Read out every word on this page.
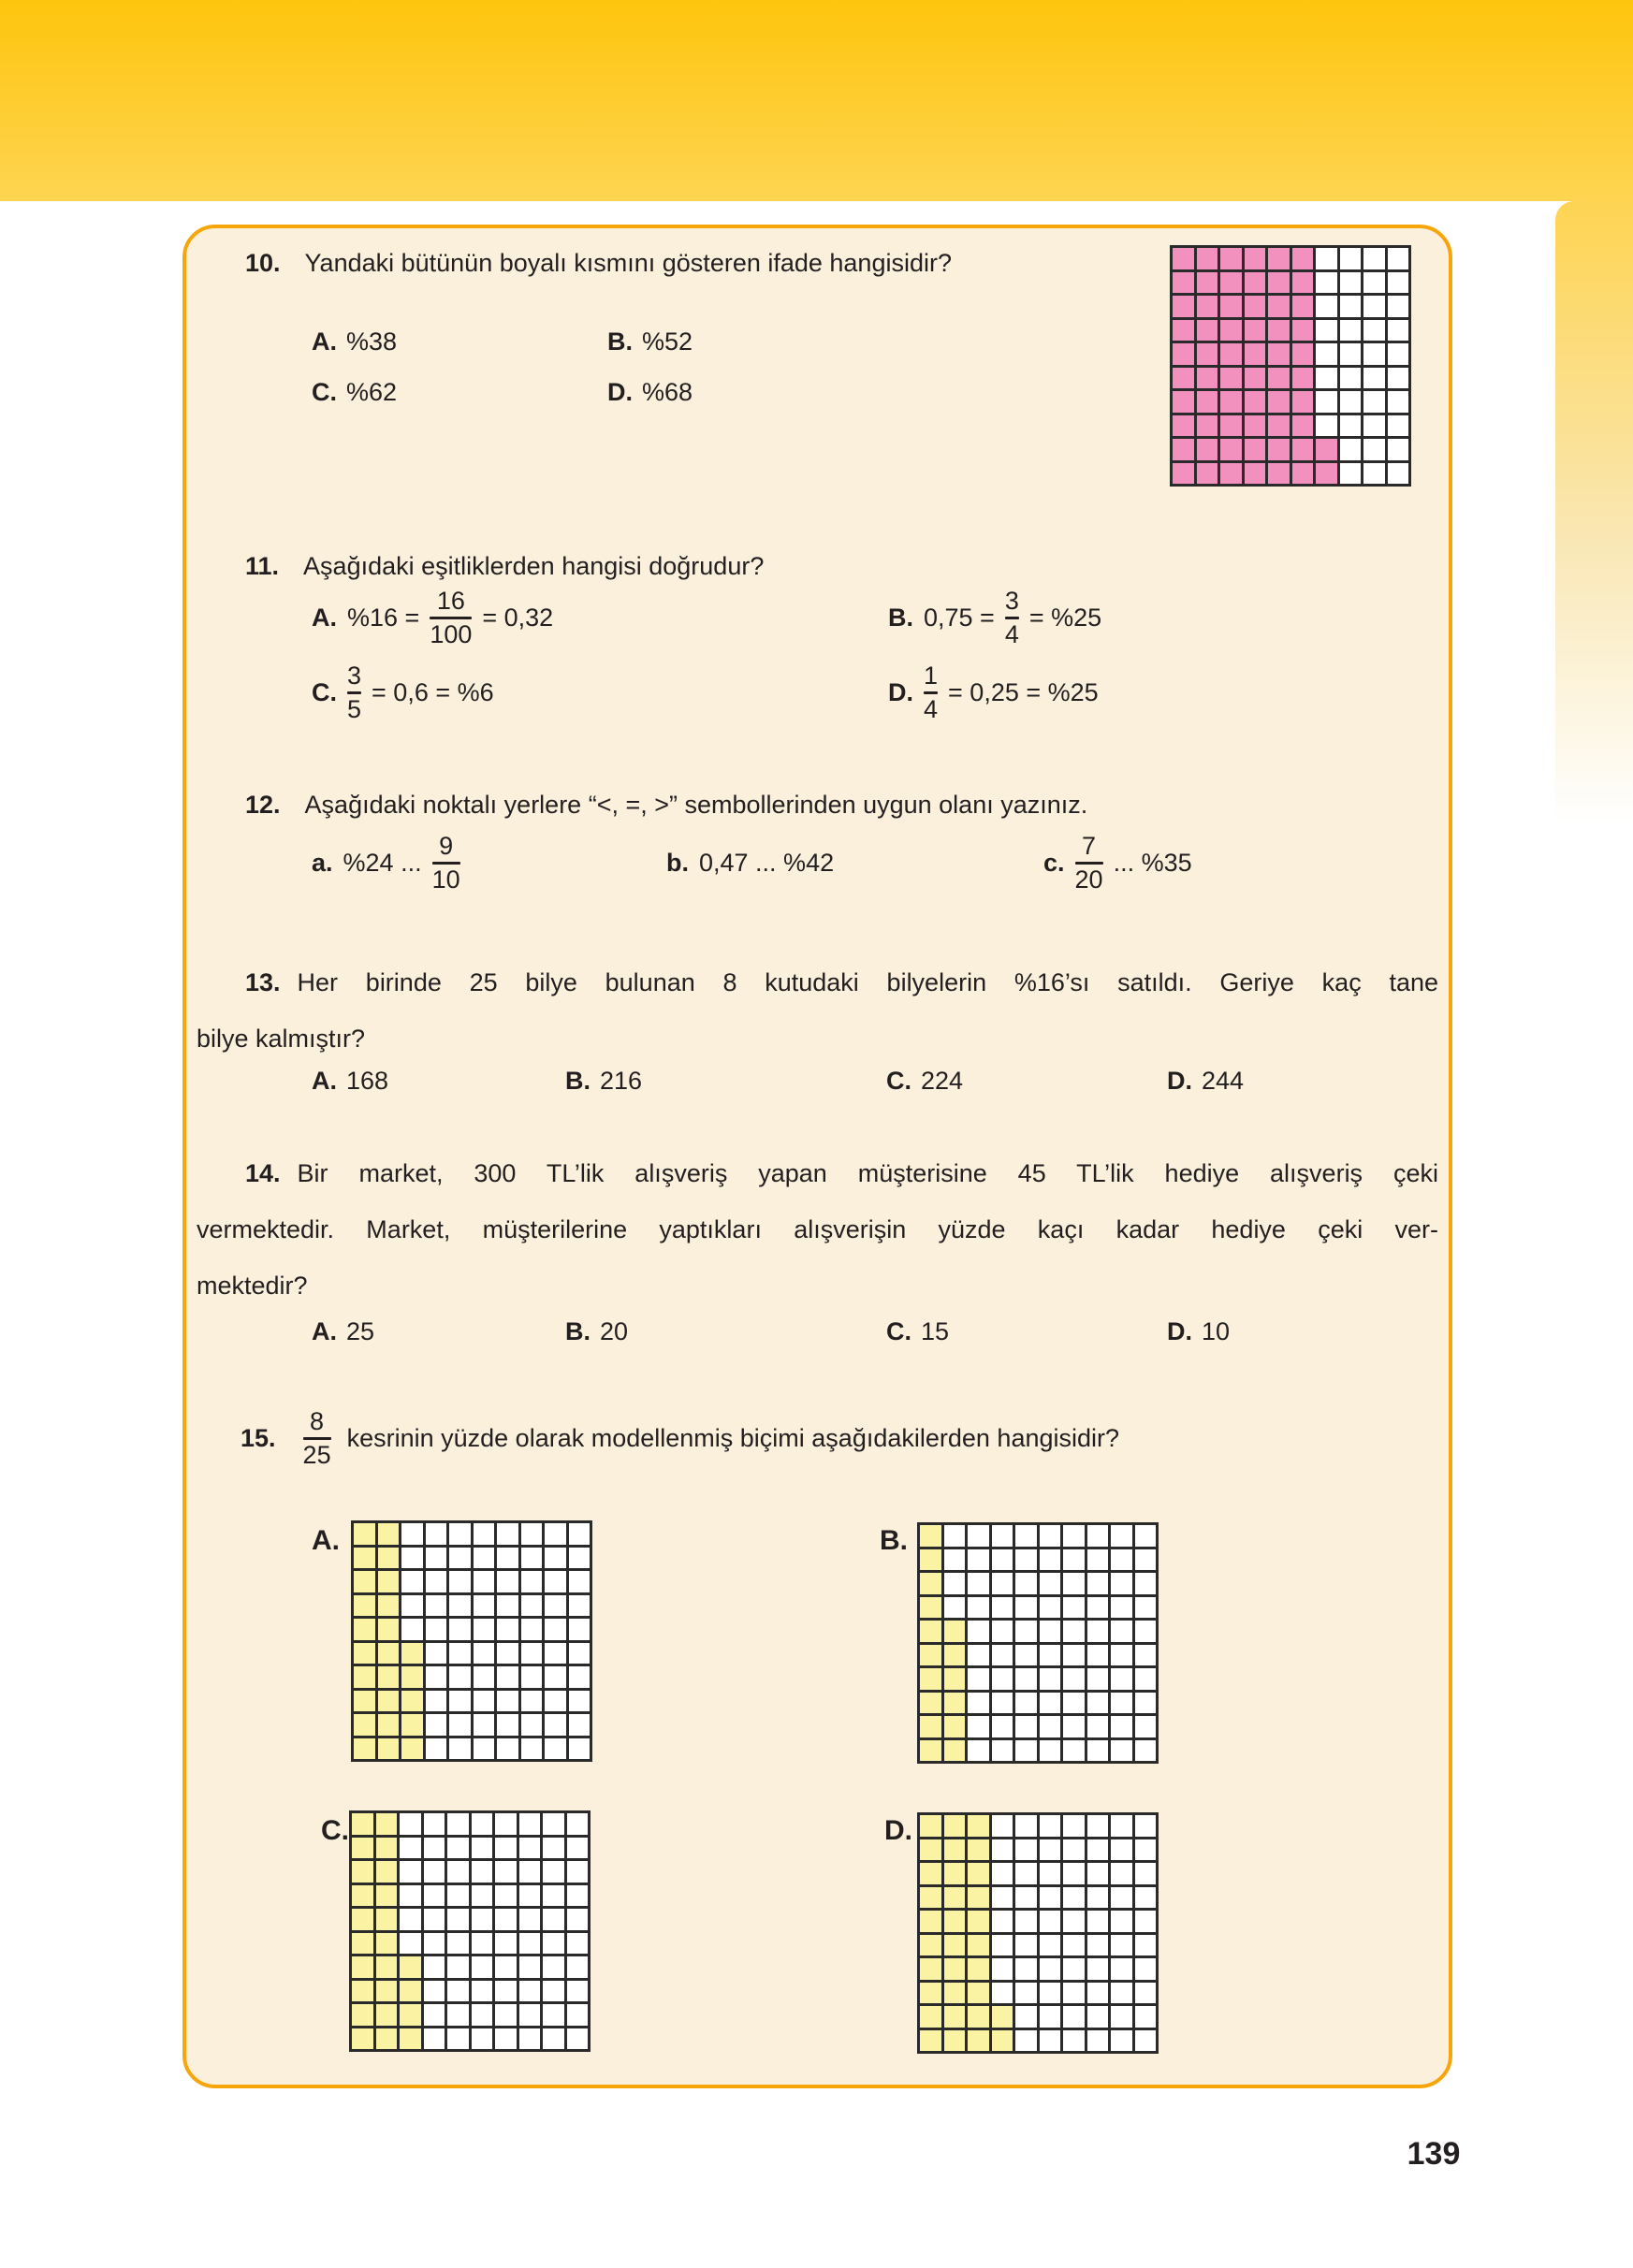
10. Yandaki bütünün boyalı kısmını gösteren ifade hangisidir?
A. %38	B. %52
C. %62	D. %68
11. Aşağıdaki eşitliklerden hangisi doğrudur?
A. $\%16 = \frac{16}{100} = 0,32$	B. $0,75 = \frac{3}{4} = \%25$
C. $\frac{3}{5} = 0,6 = \%6$	D. $\frac{1}{4} = 0,25 = \%25$
12. Aşağıdaki noktalı yerlere “<, =, >” sembollerinden uygun olanı yazınız.
a. %24 ... $\frac{9}{10}$	b. 0,47 ... %42	c. $\frac{7}{20}$ ... %35
13. Her birinde 25 bilye bulunan 8 kutudaki bilyelerin %16’sı satıldı. Geriye kaç tane
bilye kalmıştır?
A. 168	B. 216	C. 224	D. 244
14. Bir market, 300 TL’lik alışveriş yapan müşterisine 45 TL’lik hediye alışveriş çeki
vermektedir. Market, müşterilerine yaptıkları alışverişin yüzde kaçı kadar hediye çeki ver-
mektedir?
A. 25	B. 20	C. 15	D. 10
15. $\frac{8}{25}$ kesrinin yüzde olarak modellenmiş biçimi aşağıdakilerden hangisidir?
A.	B.
C.	D.
139
